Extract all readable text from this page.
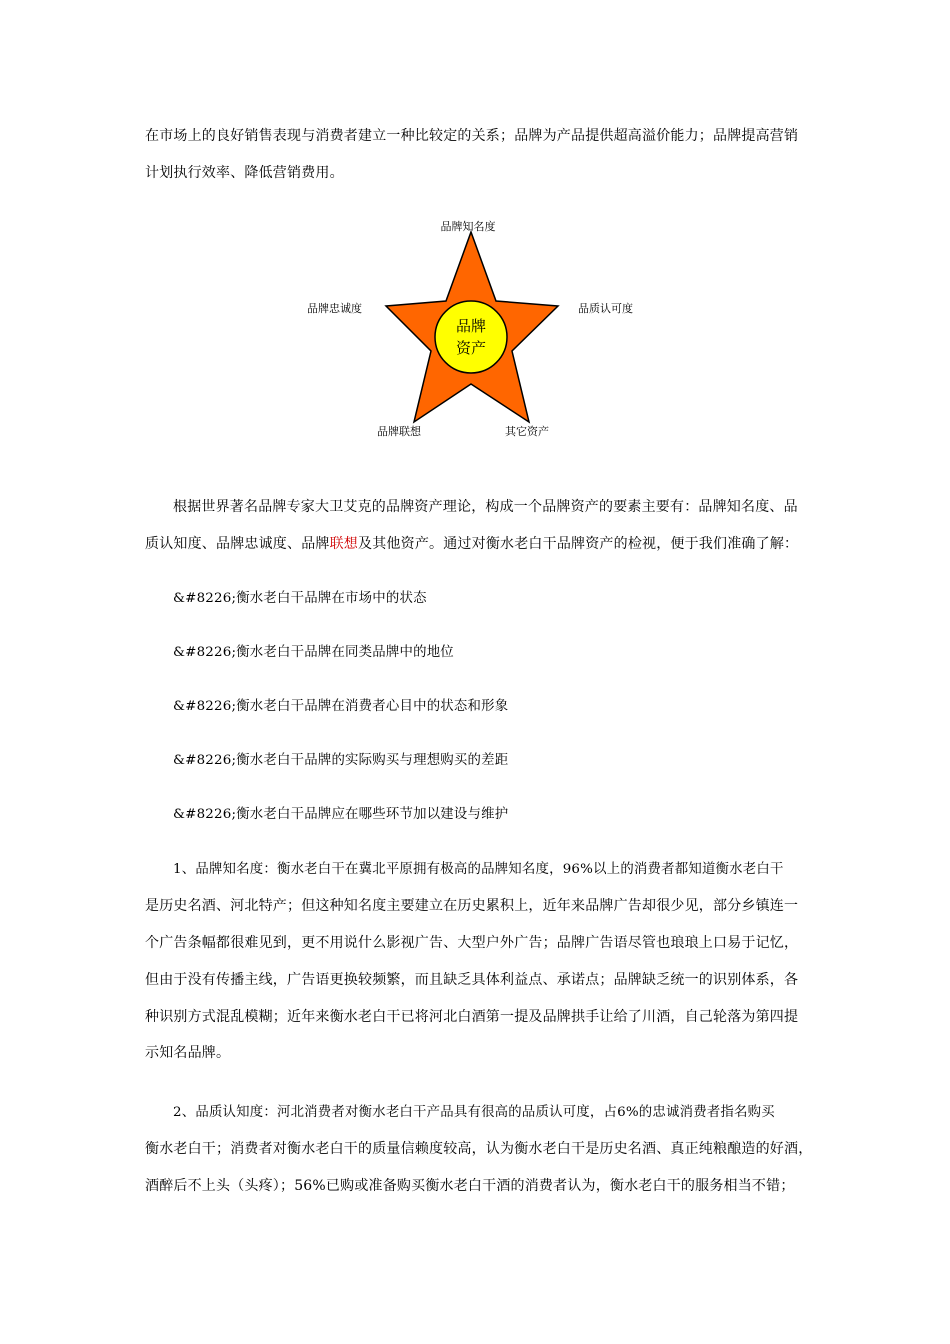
在市场上的良好销售表现与消费者建立一种比较定的关系；品牌为产品提供超高溢价能力；品牌提高营销
计划执行效率、降低营销费用。
品牌
资产
品牌知名度
品质认可度
品牌忠诚度
品牌联想	其它资产
根据世界著名品牌专家大卫艾克的品牌资产理论，构成一个品牌资产的要素主要有：品牌知名度、品
质认知度、品牌忠诚度、品牌联想及其他资产。通过对衡水老白干品牌资产的检视，便于我们准确了解：
&#8226;衡水老白干品牌在市场中的状态
&#8226;衡水老白干品牌在同类品牌中的地位
&#8226;衡水老白干品牌在消费者心目中的状态和形象
&#8226;衡水老白干品牌的实际购买与理想购买的差距
&#8226;衡水老白干品牌应在哪些环节加以建设与维护
1、品牌知名度：衡水老白干在冀北平原拥有极高的品牌知名度，96%以上的消费者都知道衡水老白干
是历史名酒、河北特产；但这种知名度主要建立在历史累积上，近年来品牌广告却很少见，部分乡镇连一
个广告条幅都很难见到，更不用说什么影视广告、大型户外广告；品牌广告语尽管也琅琅上口易于记忆，
但由于没有传播主线，广告语更换较频繁，而且缺乏具体利益点、承诺点；品牌缺乏统一的识别体系，各
种识别方式混乱模糊；近年来衡水老白干已将河北白酒第一提及品牌拱手让给了川酒，自己轮落为第四提
示知名品牌。
2、品质认知度：河北消费者对衡水老白干产品具有很高的品质认可度，占6%的忠诚消费者指名购买
衡水老白干；消费者对衡水老白干的质量信赖度较高，认为衡水老白干是历史名酒、真正纯粮酿造的好酒，
酒醉后不上头（头疼）；56%已购或准备购买衡水老白干酒的消费者认为，衡水老白干的服务相当不错；
